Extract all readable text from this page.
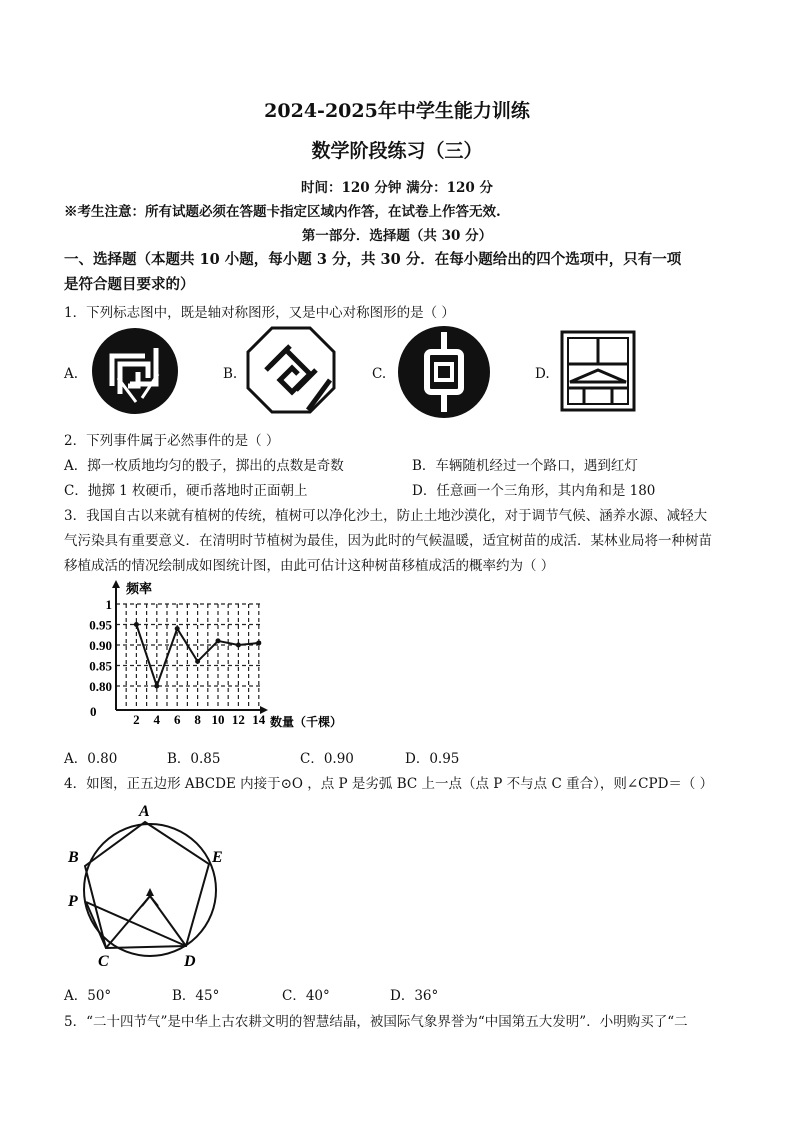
2024-2025年中学生能力训练
数学阶段练习（三）
时间：120 分钟 满分：120 分
※考生注意：所有试题必须在答题卡指定区域内作答，在试卷上作答无效.
第一部分．选择题（共 30 分）
一、选择题（本题共 10 小题，每小题 3 分，共 30 分．在每小题给出的四个选项中，只有一项
是符合题目要求的）
1．下列标志图中，既是轴对称图形，又是中心对称图形的是（ ）
A.	B.	C.	D.
2．下列事件属于必然事件的是（ ）
A．掷一枚质地均匀的骰子，掷出的点数是奇数	B．车辆随机经过一个路口，遇到红灯
C．抛掷 1 枚硬币，硬币落地时正面朝上	D．任意画一个三角形，其内角和是 180
3．我国自古以来就有植树的传统，植树可以净化沙土，防止土地沙漠化，对于调节气候、涵养水源、减轻大
气污染具有重要意义．在清明时节植树为最佳，因为此时的气候温暖，适宜树苗的成活．某林业局将一种树苗
移植成活的情况绘制成如图统计图，由此可估计这种树苗移植成活的概率约为（ ）
频率
数量（千棵）
0
0.80
0.85
0.90
0.95
1
2 4 6 8 10 12 14
A．0.80	B．0.85	C．0.90	D．0.95
4．如图，正五边形 ABCDE 内接于⊙O ，点 P 是劣弧 BC 上一点（点 P 不与点 C 重合），则∠CPD＝（ ）
A
B
C	D
E
P
A．50°	B．45°	C．40°	D．36°
5．“二十四节气”是中华上古农耕文明的智慧结晶，被国际气象界誉为“中国第五大发明”．小明购买了“二
